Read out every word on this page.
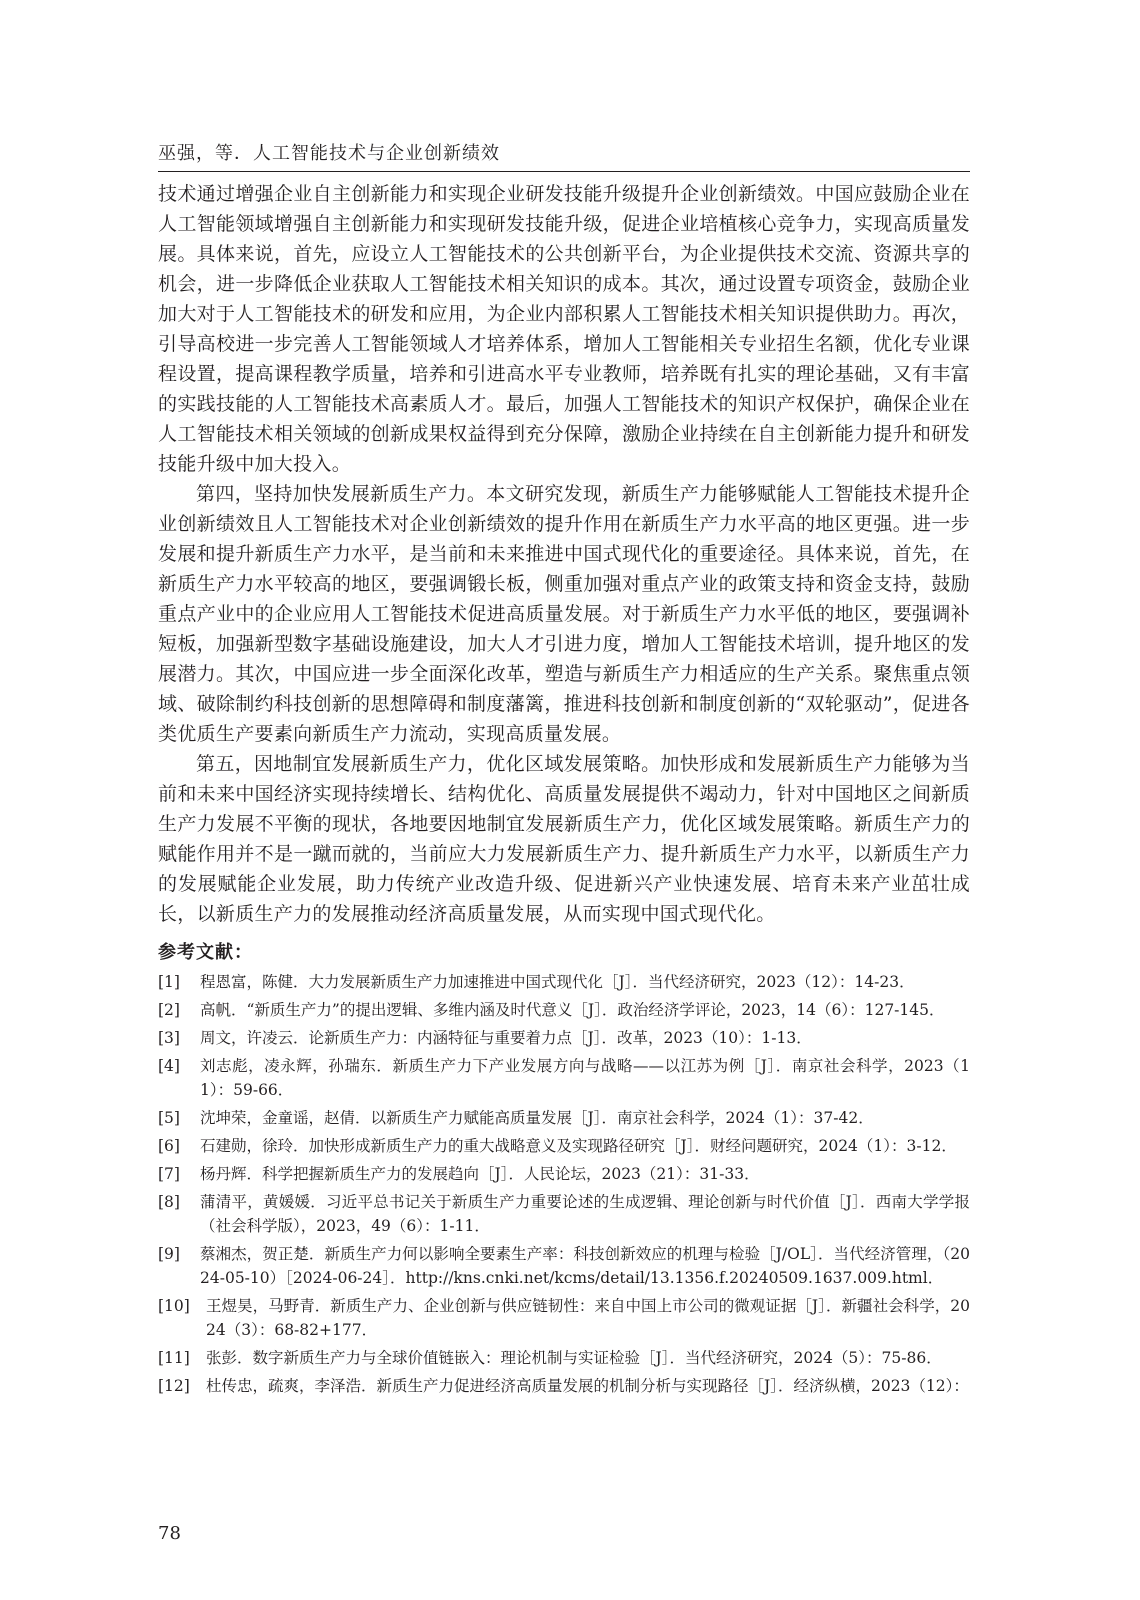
巫强，等．人工智能技术与企业创新绩效

技术通过增强企业自主创新能力和实现企业研发技能升级提升企业创新绩效。中国应鼓励企业在人工智能领域增强自主创新能力和实现研发技能升级，促进企业培植核心竞争力，实现高质量发展。具体来说，首先，应设立人工智能技术的公共创新平台，为企业提供技术交流、资源共享的机会，进一步降低企业获取人工智能技术相关知识的成本。其次，通过设置专项资金，鼓励企业加大对于人工智能技术的研发和应用，为企业内部积累人工智能技术相关知识提供助力。再次，引导高校进一步完善人工智能领域人才培养体系，增加人工智能相关专业招生名额，优化专业课程设置，提高课程教学质量，培养和引进高水平专业教师，培养既有扎实的理论基础，又有丰富的实践技能的人工智能技术高素质人才。最后，加强人工智能技术的知识产权保护，确保企业在人工智能技术相关领域的创新成果权益得到充分保障，激励企业持续在自主创新能力提升和研发技能升级中加大投入。

第四，坚持加快发展新质生产力。本文研究发现，新质生产力能够赋能人工智能技术提升企业创新绩效且人工智能技术对企业创新绩效的提升作用在新质生产力水平高的地区更强。进一步发展和提升新质生产力水平，是当前和未来推进中国式现代化的重要途径。具体来说，首先，在新质生产力水平较高的地区，要强调锻长板，侧重加强对重点产业的政策支持和资金支持，鼓励重点产业中的企业应用人工智能技术促进高质量发展。对于新质生产力水平低的地区，要强调补短板，加强新型数字基础设施建设，加大人才引进力度，增加人工智能技术培训，提升地区的发展潜力。其次，中国应进一步全面深化改革，塑造与新质生产力相适应的生产关系。聚焦重点领域、破除制约科技创新的思想障碍和制度藩篱，推进科技创新和制度创新的“双轮驱动”，促进各类优质生产要素向新质生产力流动，实现高质量发展。

第五，因地制宜发展新质生产力，优化区域发展策略。加快形成和发展新质生产力能够为当前和未来中国经济实现持续增长、结构优化、高质量发展提供不竭动力，针对中国地区之间新质生产力发展不平衡的现状，各地要因地制宜发展新质生产力，优化区域发展策略。新质生产力的赋能作用并不是一蹴而就的，当前应大力发展新质生产力、提升新质生产力水平，以新质生产力的发展赋能企业发展，助力传统产业改造升级、促进新兴产业快速发展、培育未来产业茁壮成长，以新质生产力的发展推动经济高质量发展，从而实现中国式现代化。

参考文献：
[1]	程恩富，陈健．大力发展新质生产力加速推进中国式现代化［J］．当代经济研究，2023（12）：14-23．
[2]	高帆．“新质生产力”的提出逻辑、多维内涵及时代意义［J］．政治经济学评论，2023，14（6）：127-145．
[3]	周文，许凌云．论新质生产力：内涵特征与重要着力点［J］．改革，2023（10）：1-13．
[4]	刘志彪，凌永辉，孙瑞东．新质生产力下产业发展方向与战略——以江苏为例［J］．南京社会科学，2023（11）：59-66．
[5]	沈坤荣，金童谣，赵倩．以新质生产力赋能高质量发展［J］．南京社会科学，2024（1）：37-42．
[6]	石建勋，徐玲．加快形成新质生产力的重大战略意义及实现路径研究［J］．财经问题研究，2024（1）：3-12．
[7]	杨丹辉．科学把握新质生产力的发展趋向［J］．人民论坛，2023（21）：31-33．
[8]	蒲清平，黄媛媛．习近平总书记关于新质生产力重要论述的生成逻辑、理论创新与时代价值［J］．西南大学学报（社会科学版），2023，49（6）：1-11．
[9]	蔡湘杰，贺正楚．新质生产力何以影响全要素生产率：科技创新效应的机理与检验［J/OL］．当代经济管理，（2024-05-10）［2024-06-24］．http://kns.cnki.net/kcms/detail/13.1356.f.20240509.1637.009.html．
[10]	王煜昊，马野青．新质生产力、企业创新与供应链韧性：来自中国上市公司的微观证据［J］．新疆社会科学，2024（3）：68-82+177．
[11]	张彭．数字新质生产力与全球价值链嵌入：理论机制与实证检验［J］．当代经济研究，2024（5）：75-86．
[12]	杜传忠，疏爽，李泽浩．新质生产力促进经济高质量发展的机制分析与实现路径［J］．经济纵横，2023（12）：
78
